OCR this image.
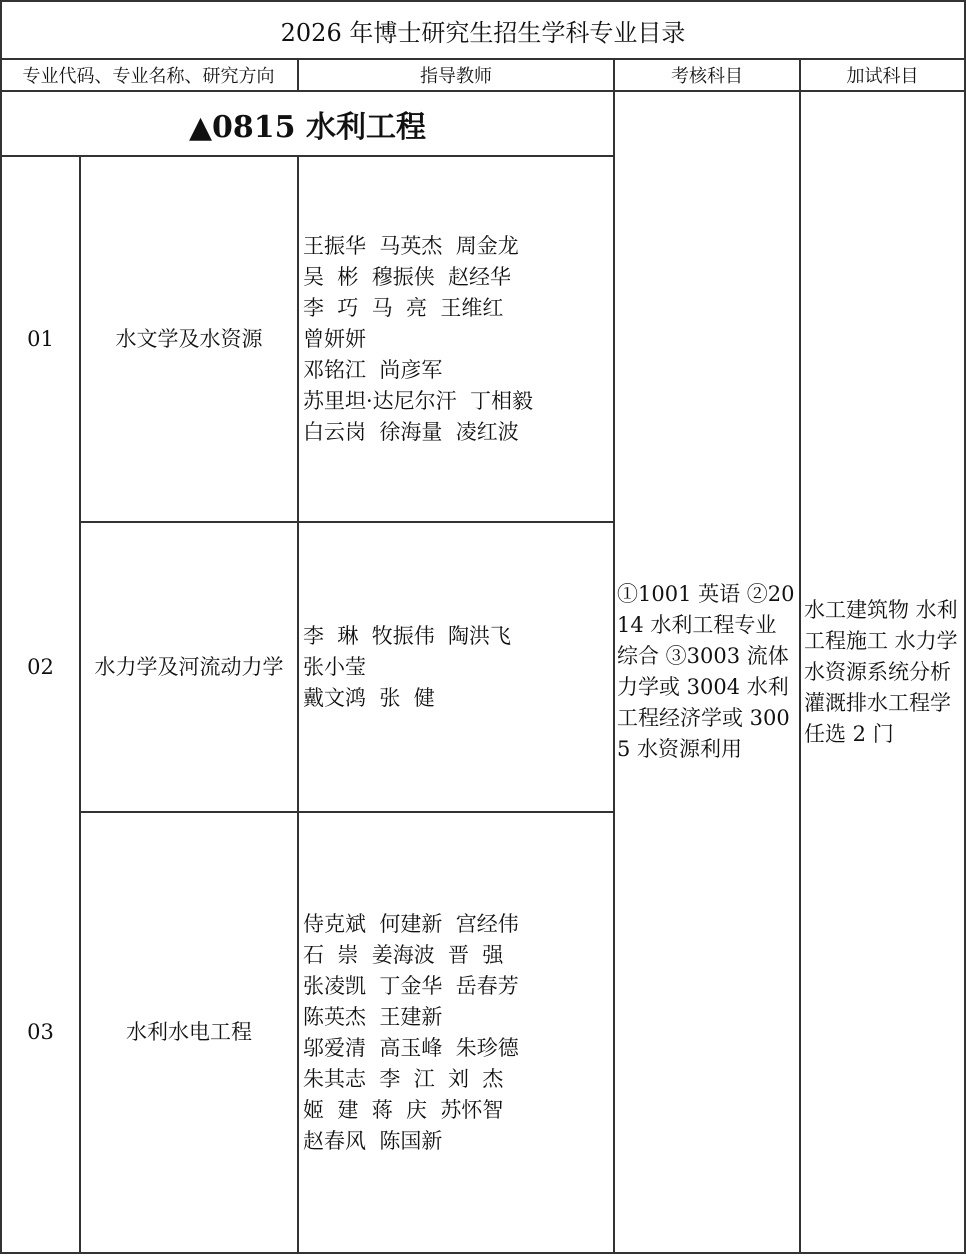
2026 年博士研究生招生学科专业目录
专业代码、专业名称、研究方向	指导教师	考核科目	加试科目
▲0815 水利工程
01	水文学及水资源
王振华  马英杰  周金龙
吴  彬  穆振侠  赵经华
李  巧  马  亮  王维红
曾妍妍
邓铭江  尚彦军
苏里坦·达尼尔汗  丁相毅
白云岗  徐海量  凌红波
02	水力学及河流动力学
李  琳  牧振伟  陶洪飞
张小莹
戴文鸿  张  健
03	水利水电工程
侍克斌  何建新  宫经伟
石  崇  姜海波  晋  强
张凌凯  丁金华  岳春芳
陈英杰  王建新
邬爱清  高玉峰  朱珍德
朱其志  李  江  刘  杰
姬  建  蒋  庆  苏怀智
赵春风  陈国新
①1001 英语 ②2014 水利工程专业综合 ③3003 流体力学或 3004 水利工程经济学或 3005 水资源利用
水工建筑物 水利工程施工 水力学 水资源系统分析 灌溉排水工程学 任选 2 门
